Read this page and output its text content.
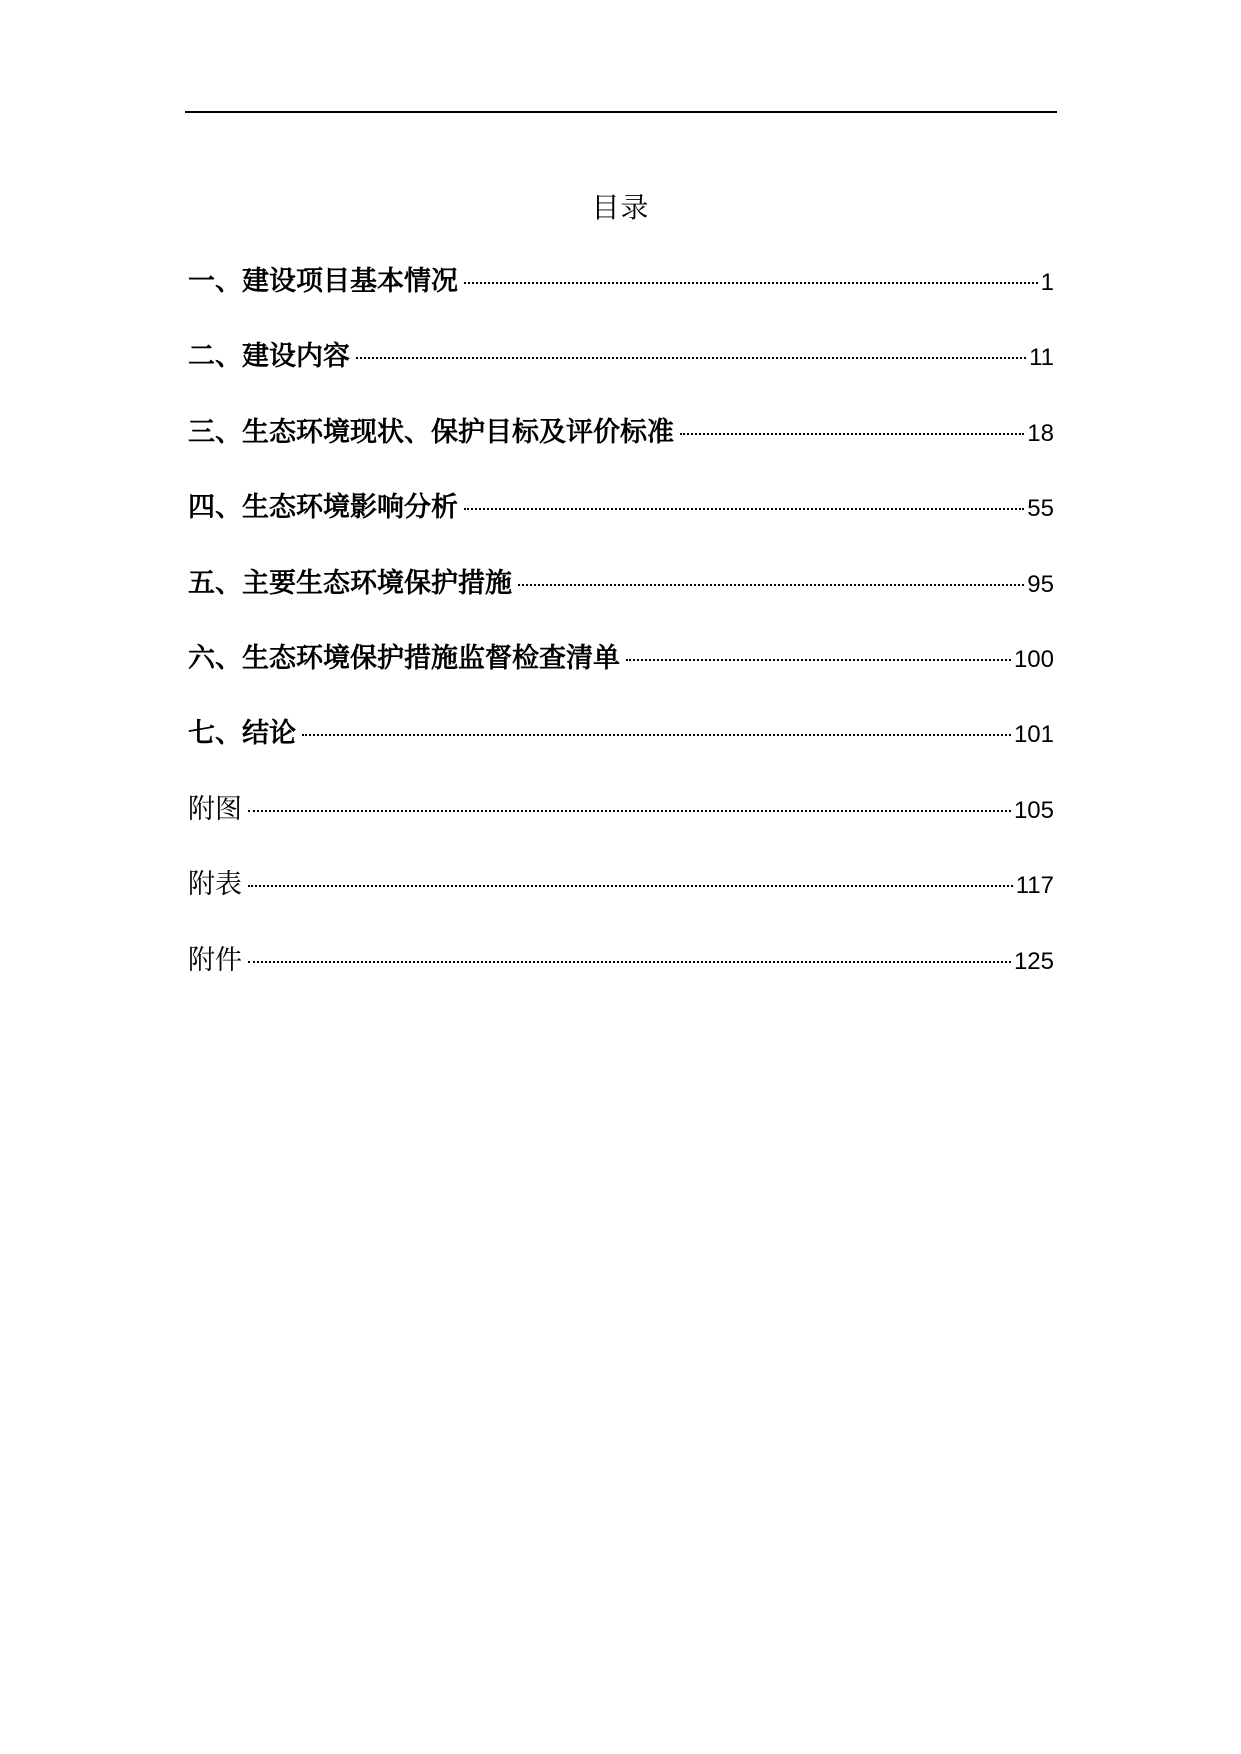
目录
一、建设项目基本情况	1
二、建设内容	11
三、生态环境现状、保护目标及评价标准	18
四、生态环境影响分析	55
五、主要生态环境保护措施	95
六、生态环境保护措施监督检查清单	100
七、结论	101
附图	105
附表	117
附件	125
